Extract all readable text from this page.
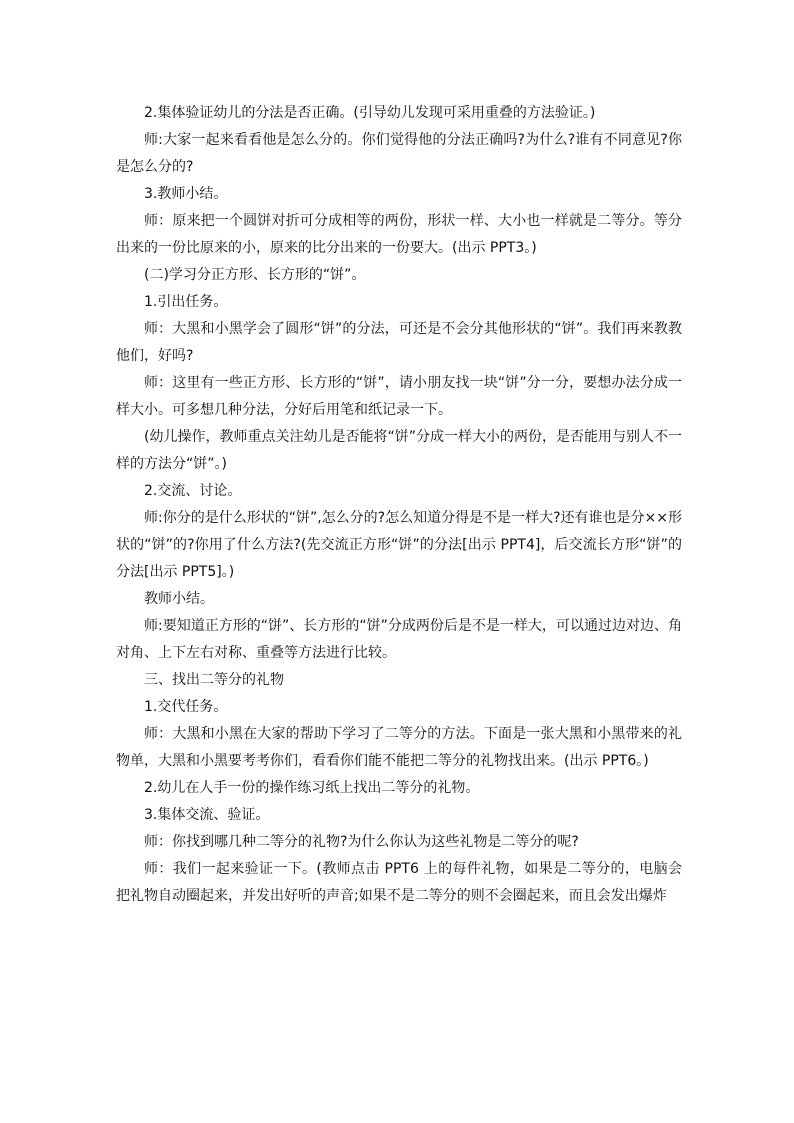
2.集体验证幼儿的分法是否正确。(引导幼儿发现可采用重叠的方法验证。)

师:大家一起来看看他是怎么分的。你们觉得他的分法正确吗?为什么?谁有不同意见?你是怎么分的?

3.教师小结。

师：原来把一个圆饼对折可分成相等的两份，形状一样、大小也一样就是二等分。等分出来的一份比原来的小，原来的比分出来的一份要大。(出示 PPT3。)

(二)学习分正方形、长方形的“饼”。

1.引出任务。

师：大黑和小黑学会了圆形“饼”的分法，可还是不会分其他形状的“饼”。我们再来教教他们，好吗?

师：这里有一些正方形、长方形的“饼”，请小朋友找一块“饼”分一分，要想办法分成一样大小。可多想几种分法，分好后用笔和纸记录一下。

(幼儿操作，教师重点关注幼儿是否能将“饼”分成一样大小的两份，是否能用与别人不一样的方法分“饼”。)

2.交流、讨论。

师:你分的是什么形状的“饼”,怎么分的?怎么知道分得是不是一样大?还有谁也是分××形状的“饼”的?你用了什么方法?(先交流正方形“饼”的分法[出示 PPT4]，后交流长方形“饼”的分法[出示 PPT5]。)

教师小结。

师:要知道正方形的“饼”、长方形的“饼”分成两份后是不是一样大，可以通过边对边、角对角、上下左右对称、重叠等方法进行比较。

三、找出二等分的礼物

1.交代任务。

师：大黑和小黑在大家的帮助下学习了二等分的方法。下面是一张大黑和小黑带来的礼物单，大黑和小黑要考考你们，看看你们能不能把二等分的礼物找出来。(出示 PPT6。)

2.幼儿在人手一份的操作练习纸上找出二等分的礼物。

3.集体交流、验证。

师：你找到哪几种二等分的礼物?为什么你认为这些礼物是二等分的呢?

师：我们一起来验证一下。(教师点击 PPT6 上的每件礼物，如果是二等分的，电脑会把礼物自动圈起来，并发出好听的声音;如果不是二等分的则不会圈起来，而且会发出爆炸
